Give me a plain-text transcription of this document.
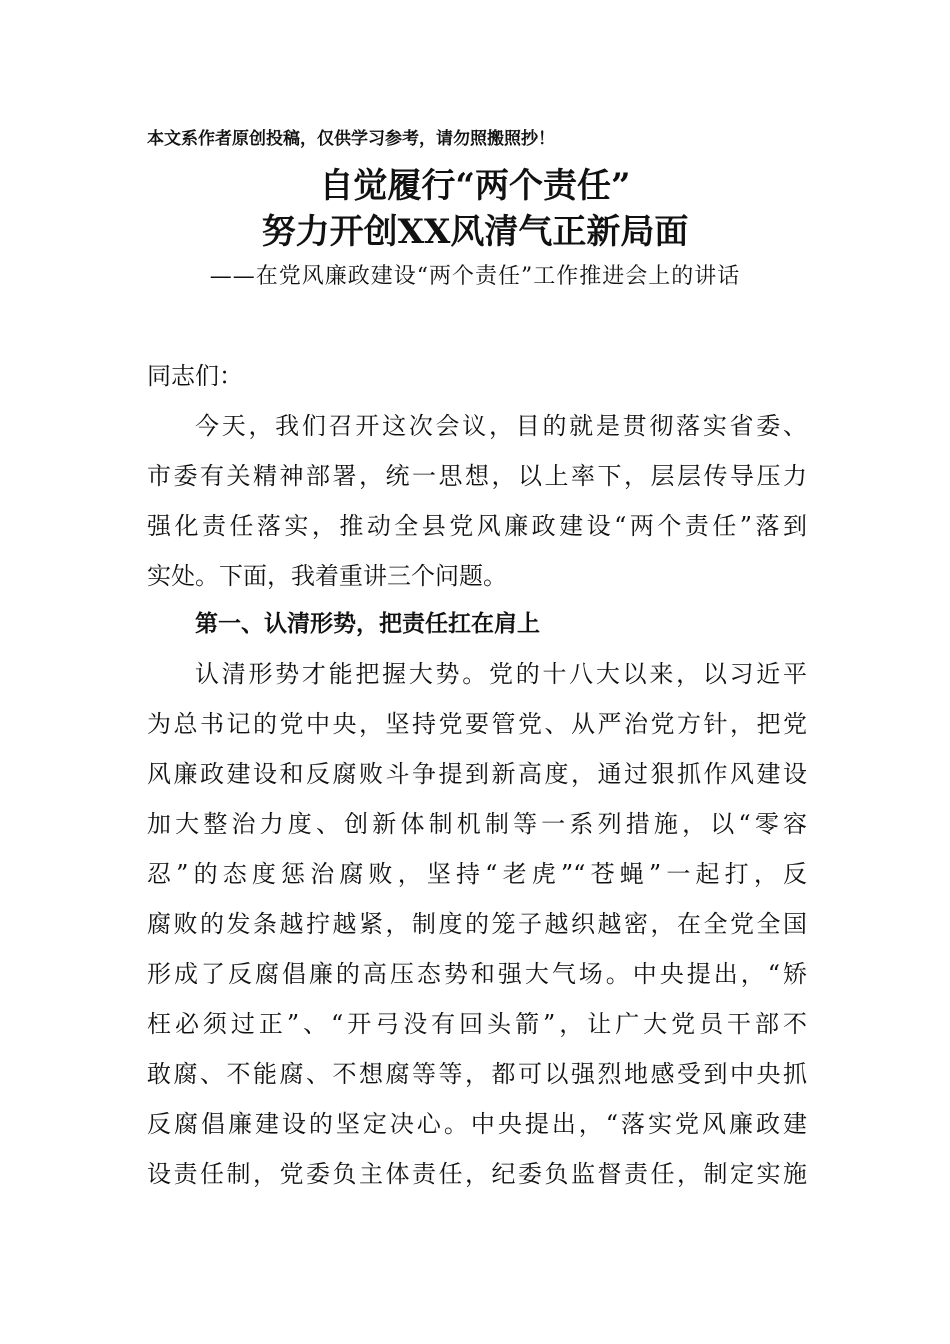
本文系作者原创投稿，仅供学习参考，请勿照搬照抄！
自觉履行“两个责任”
努力开创XX风清气正新局面
——在党风廉政建设“两个责任”工作推进会上的讲话
同志们：
今天，我们召开这次会议，目的就是贯彻落实省委、
市委有关精神部署，统一思想，以上率下，层层传导压力
强化责任落实，推动全县党风廉政建设“两个责任”落到
实处。下面，我着重讲三个问题。
第一、认清形势，把责任扛在肩上
认清形势才能把握大势。党的十八大以来，以习近平
为总书记的党中央，坚持党要管党、从严治党方针，把党
风廉政建设和反腐败斗争提到新高度，通过狠抓作风建设
加大整治力度、创新体制机制等一系列措施，以“零容
忍”的态度惩治腐败，坚持“老虎”“苍蝇”一起打，反
腐败的发条越拧越紧，制度的笼子越织越密，在全党全国
形成了反腐倡廉的高压态势和强大气场。中央提出，“矫
枉必须过正”、“开弓没有回头箭”，让广大党员干部不
敢腐、不能腐、不想腐等等，都可以强烈地感受到中央抓
反腐倡廉建设的坚定决心。中央提出，“落实党风廉政建
设责任制，党委负主体责任，纪委负监督责任，制定实施
